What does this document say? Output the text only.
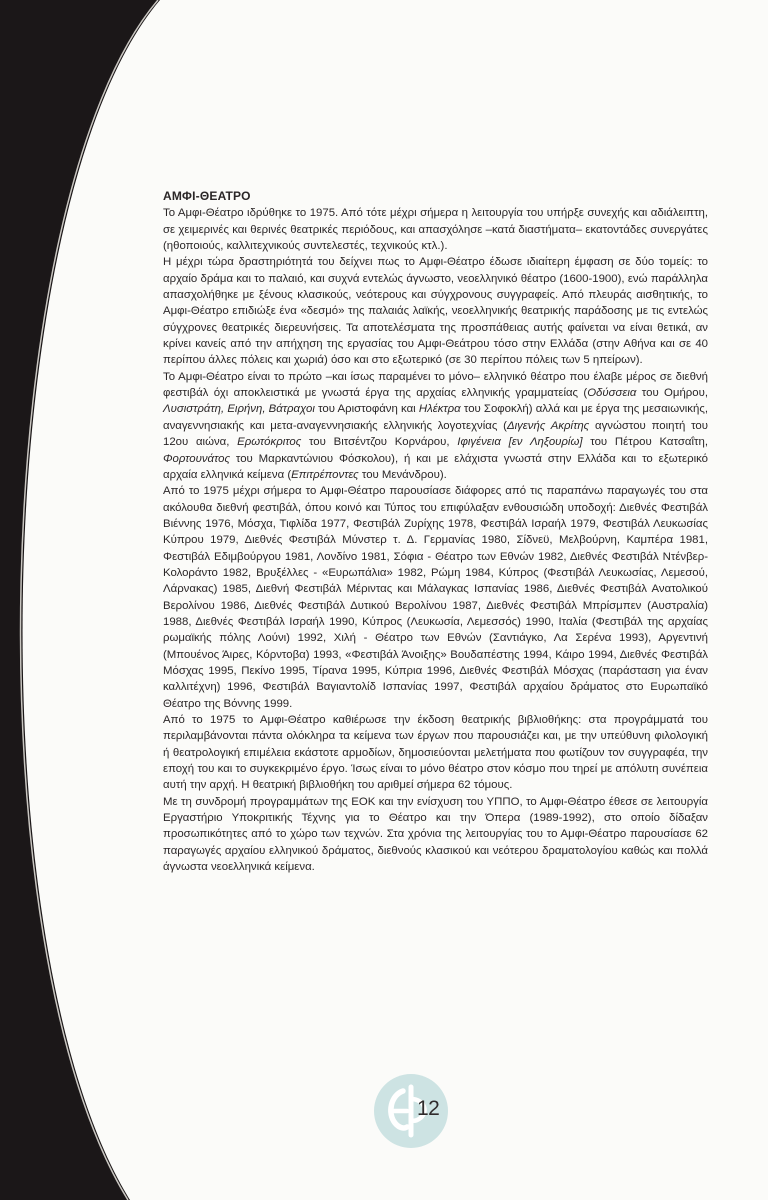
ΑΜΦΙ-ΘΕΑΤΡΟ

Το Αμφι-Θέατρο ιδρύθηκε το 1975. Από τότε μέχρι σήμερα η λειτουργία του υπήρξε συνεχής και αδιάλειπτη, σε χειμερινές και θερινές θεατρικές περιόδους, και απασχόλησε –κατά διαστήματα– εκατοντάδες συνεργάτες (ηθοποιούς, καλλιτεχνικούς συντελεστές, τεχνικούς κτλ.).

Η μέχρι τώρα δραστηριότητά του δείχνει πως το Αμφι-Θέατρο έδωσε ιδιαίτερη έμφαση σε δύο τομείς: το αρχαίο δράμα και το παλαιό, και συχνά εντελώς άγνωστο, νεοελληνικό θέατρο (1600-1900), ενώ παράλληλα απασχολήθηκε με ξένους κλασικούς, νεότερους και σύγχρονους συγγραφείς. Από πλευράς αισθητικής, το Αμφι-Θέατρο επιδιώξε ένα «δεσμό» της παλαιάς λαϊκής, νεοελληνικής θεατρικής παράδοσης με τις εντελώς σύγχρονες θεατρικές διερευνήσεις. Τα αποτελέσματα της προσπάθειας αυτής φαίνεται να είναι θετικά, αν κρίνει κανείς από την απήχηση της εργασίας του Αμφι-Θεάτρου τόσο στην Ελλάδα (στην Αθήνα και σε 40 περίπου άλλες πόλεις και χωριά) όσο και στο εξωτερικό (σε 30 περίπου πόλεις των 5 ηπείρων).

Το Αμφι-Θέατρο είναι το πρώτο –και ίσως παραμένει το μόνο– ελληνικό θέατρο που έλαβε μέρος σε διεθνή φεστιβάλ όχι αποκλειστικά με γνωστά έργα της αρχαίας ελληνικής γραμματείας (Οδύσσεια του Ομήρου, Λυσιστράτη, Ειρήνη, Βάτραχοι του Αριστοφάνη και Ηλέκτρα του Σοφοκλή) αλλά και με έργα της μεσαιωνικής, αναγεννησιακής και μετα-αναγεννησιακής ελληνικής λογοτεχνίας (Διγενής Ακρίτης αγνώστου ποιητή του 12ου αιώνα, Ερωτόκριτος του Βιτσέντζου Κορνάρου, Ιφιγένεια [εν Ληξουρίω] του Πέτρου Κατσαΐτη, Φορτουνάτος του Μαρκαντώνιου Φόσκολου), ή και με ελάχιστα γνωστά στην Ελλάδα και το εξωτερικό αρχαία ελληνικά κείμενα (Επιτρέποντες του Μενάνδρου).

Από το 1975 μέχρι σήμερα το Αμφι-Θέατρο παρουσίασε διάφορες από τις παραπάνω παραγωγές του στα ακόλουθα διεθνή φεστιβάλ, όπου κοινό και Τύπος του επιφύλαξαν ενθουσιώδη υποδοχή: Διεθνές Φεστιβάλ Βιέννης 1976, Μόσχα, Τιφλίδα 1977, Φεστιβάλ Ζυρίχης 1978, Φεστιβάλ Ισραήλ 1979, Φεστιβάλ Λευκωσίας Κύπρου 1979, Διεθνές Φεστιβάλ Μύνστερ τ. Δ. Γερμανίας 1980, Σίδνεϋ, Μελβούρνη, Καμπέρα 1981, Φεστιβάλ Εδιμβούργου 1981, Λονδίνο 1981, Σόφια - Θέατρο των Εθνών 1982, Διεθνές Φεστιβάλ Ντένβερ-Κολοράντο 1982, Βρυξέλλες - «Ευρωπάλια» 1982, Ρώμη 1984, Κύπρος (Φεστιβάλ Λευκωσίας, Λεμεσού, Λάρνακας) 1985, Διεθνή Φεστιβάλ Μέριντας και Μάλαγκας Ισπανίας 1986, Διεθνές Φεστιβάλ Ανατολικού Βερολίνου 1986, Διεθνές Φεστιβάλ Δυτικού Βερολίνου 1987, Διεθνές Φεστιβάλ Μπρίσμπεν (Αυστραλία) 1988, Διεθνές Φεστιβάλ Ισραήλ 1990, Κύπρος (Λευκωσία, Λεμεσσός) 1990, Ιταλία (Φεστιβάλ της αρχαίας ρωμαϊκής πόλης Λούνι) 1992, Χιλή - Θέατρο των Εθνών (Σαντιάγκο, Λα Σερένα 1993), Αργεντινή (Μπουένος Άιρες, Κόρντοβα) 1993, «Φεστιβάλ Άνοιξης» Βουδαπέστης 1994, Κάιρο 1994, Διεθνές Φεστιβάλ Μόσχας 1995, Πεκίνο 1995, Τίρανα 1995, Κύπρια 1996, Διεθνές Φεστιβάλ Μόσχας (παράσταση για έναν καλλιτέχνη) 1996, Φεστιβάλ Βαγιαντολίδ Ισπανίας 1997, Φεστιβάλ αρχαίου δράματος στο Ευρωπαϊκό Θέατρο της Βόννης 1999.

Από το 1975 το Αμφι-Θέατρο καθιέρωσε την έκδοση θεατρικής βιβλιοθήκης: στα προγράμματά του περιλαμβάνονται πάντα ολόκληρα τα κείμενα των έργων που παρουσιάζει και, με την υπεύθυνη φιλολογική ή θεατρολογική επιμέλεια εκάστοτε αρμοδίων, δημοσιεύονται μελετήματα που φωτίζουν τον συγγραφέα, την εποχή του και το συγκεκριμένο έργο. Ίσως είναι το μόνο θέατρο στον κόσμο που τηρεί με απόλυτη συνέπεια αυτή την αρχή. Η θεατρική βιβλιοθήκη του αριθμεί σήμερα 62 τόμους.

Με τη συνδρομή προγραμμάτων της ΕΟΚ και την ενίσχυση του ΥΠΠΟ, το Αμφι-Θέατρο έθεσε σε λειτουργία Εργαστήριο Υποκριτικής Τέχνης για το Θέατρο και την Όπερα (1989-1992), στο οποίο δίδαξαν προσωπικότητες από το χώρο των τεχνών. Στα χρόνια της λειτουργίας του το Αμφι-Θέατρο παρουσίασε 62 παραγωγές αρχαίου ελληνικού δράματος, διεθνούς κλασικού και νεότερου δραματολογίου καθώς και πολλά άγνωστα νεοελληνικά κείμενα.

12
